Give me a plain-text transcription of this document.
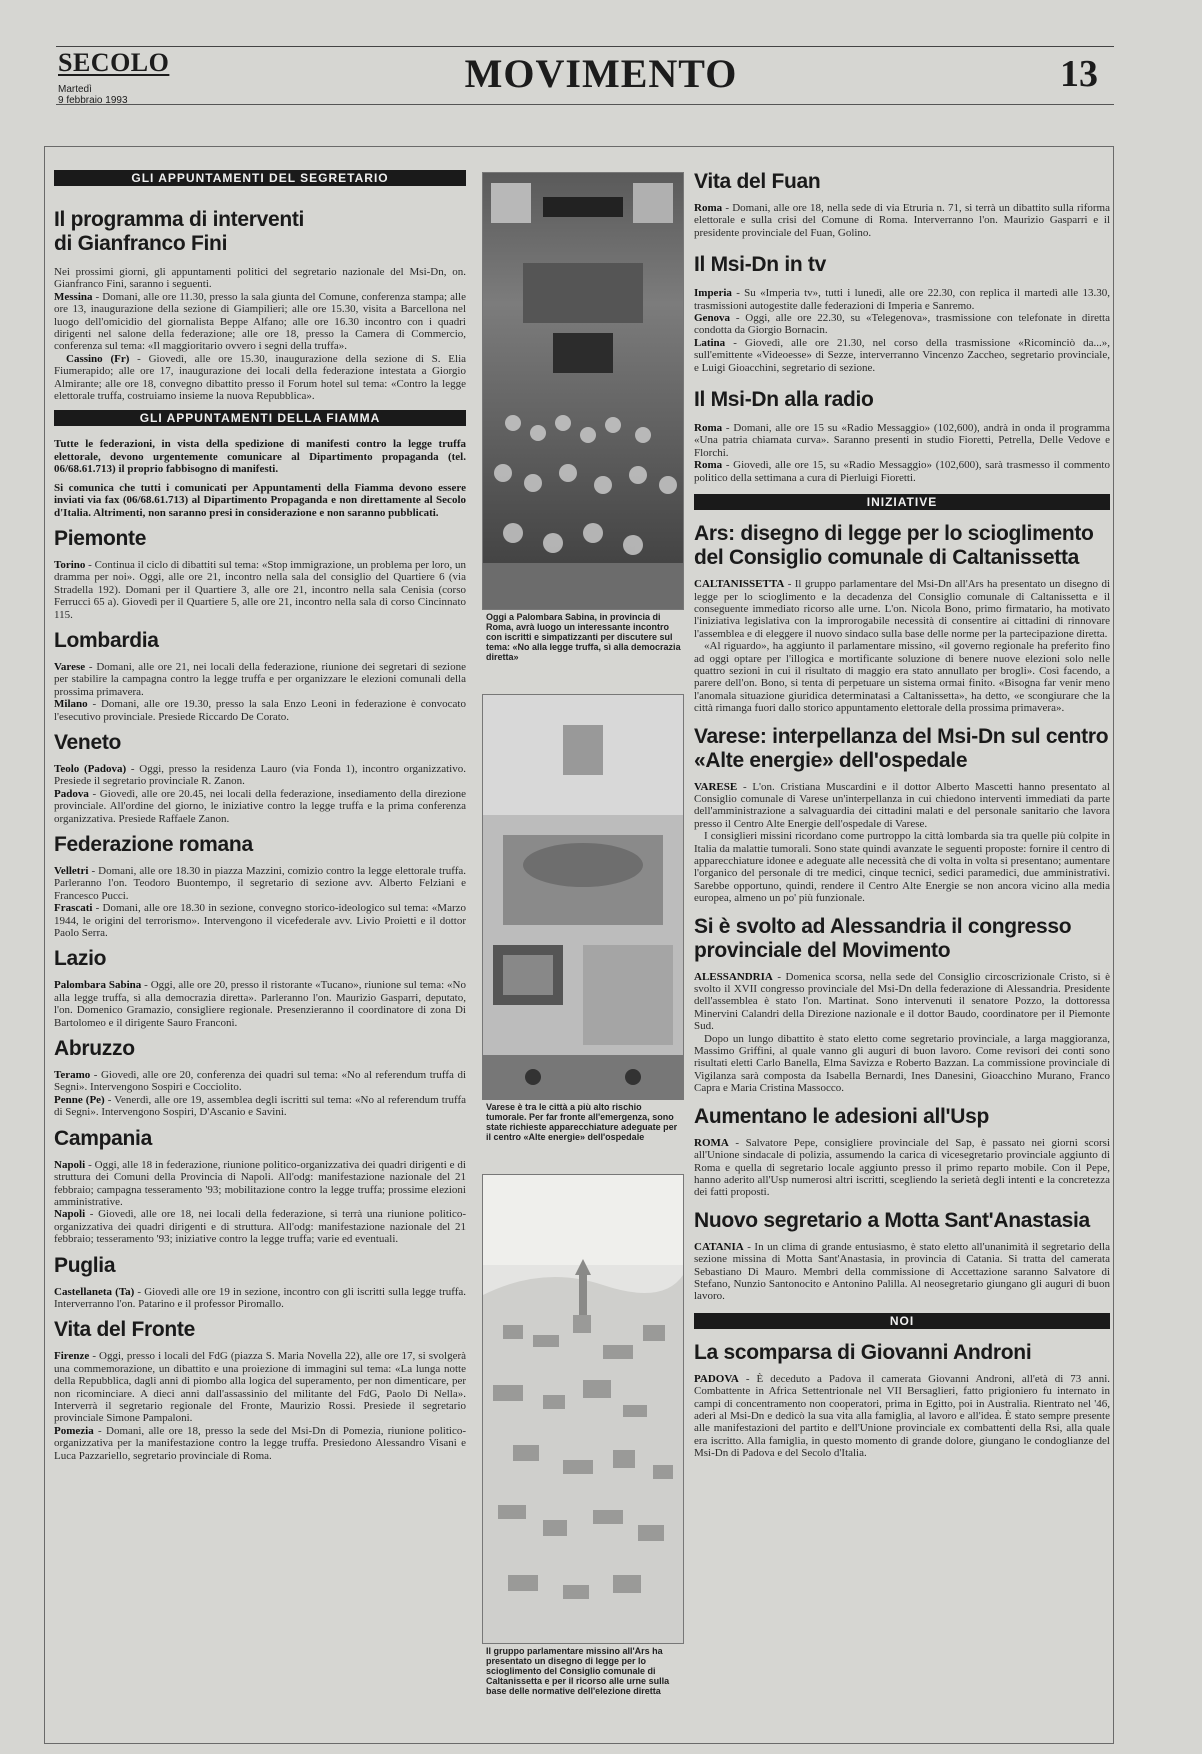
SECOLO
Martedì
9 febbraio 1993
MOVIMENTO	13
GLI APPUNTAMENTI DEL SEGRETARIO
Il programma di interventi di Gianfranco Fini

Nei prossimi giorni, gli appuntamenti politici del segretario nazionale del Msi-Dn, on. Gianfranco Fini, saranno i seguenti.

Messina - Domani, alle ore 11.30, presso la sala giunta del Comune, conferenza stampa; alle ore 13, inaugurazione della sezione di Giampilieri; alle ore 15.30, visita a Barcellona nel luogo dell'omicidio del giornalista Beppe Alfano; alle ore 16.30 incontro con i quadri dirigenti nel salone della federazione; alle ore 18, presso la Camera di Commercio, conferenza sul tema: «Il maggioritario ovvero i segni della truffa».

Cassino (Fr) - Giovedì, alle ore 15.30, inaugurazione della sezione di S. Elia Fiumerapido; alle ore 17, inaugurazione dei locali della federazione intestata a Giorgio Almirante; alle ore 18, convegno dibattito presso il Forum hotel sul tema: «Contro la legge elettorale truffa, costruiamo insieme la nuova Repubblica».

GLI APPUNTAMENTI DELLA FIAMMA

Tutte le federazioni, in vista della spedizione di manifesti contro la legge truffa elettorale, devono urgentemente comunicare al Dipartimento propaganda (tel. 06/68.61.713) il proprio fabbisogno di manifesti.

Si comunica che tutti i comunicati per Appuntamenti della Fiamma devono essere inviati via fax (06/68.61.713) al Dipartimento Propaganda e non direttamente al Secolo d'Italia. Altrimenti, non saranno presi in considerazione e non saranno pubblicati.

Piemonte

Torino - Continua il ciclo di dibattiti sul tema: «Stop immigrazione, un problema per loro, un dramma per noi». Oggi, alle ore 21, incontro nella sala del consiglio del Quartiere 6 (via Stradella 192). Domani per il Quartiere 3, alle ore 21, incontro nella sala Cenisia (corso Ferrucci 65 a). Giovedì per il Quartiere 5, alle ore 21, incontro nella sala di corso Cincinnato 115.

Lombardia

Varese - Domani, alle ore 21, nei locali della federazione, riunione dei segretari di sezione per stabilire la campagna contro la legge truffa e per organizzare le elezioni comunali della prossima primavera.

Milano - Domani, alle ore 19.30, presso la sala Enzo Leoni in federazione è convocato l'esecutivo provinciale. Presiede Riccardo De Corato.

Veneto

Teolo (Padova) - Oggi, presso la residenza Lauro (via Fonda 1), incontro organizzativo. Presiede il segretario provinciale R. Zanon.

Padova - Giovedì, alle ore 20.45, nei locali della federazione, insediamento della direzione provinciale. All'ordine del giorno, le iniziative contro la legge truffa e la prima conferenza organizzativa. Presiede Raffaele Zanon.

Federazione romana

Velletri - Domani, alle ore 18.30 in piazza Mazzini, comizio contro la legge elettorale truffa. Parleranno l'on. Teodoro Buontempo, il segretario di sezione avv. Alberto Felziani e Francesco Pucci.

Frascati - Domani, alle ore 18.30 in sezione, convegno storico-ideologico sul tema: «Marzo 1944, le origini del terrorismo». Intervengono il vicefederale avv. Livio Proietti e il dottor Paolo Serra.

Lazio

Palombara Sabina - Oggi, alle ore 20, presso il ristorante «Tucano», riunione sul tema: «No alla legge truffa, sì alla democrazia diretta». Parleranno l'on. Maurizio Gasparri, deputato, l'on. Domenico Gramazio, consigliere regionale. Presenzieranno il coordinatore di zona Di Bartolomeo e il dirigente Sauro Franconi.

Abruzzo

Teramo - Giovedì, alle ore 20, conferenza dei quadri sul tema: «No al referendum truffa di Segni». Intervengono Sospiri e Cocciolito.

Penne (Pe) - Venerdì, alle ore 19, assemblea degli iscritti sul tema: «No al referendum truffa di Segni». Intervengono Sospiri, D'Ascanio e Savini.

Campania

Napoli - Oggi, alle 18 in federazione, riunione politico-organizzativa dei quadri dirigenti e di struttura dei Comuni della Provincia di Napoli. All'odg: manifestazione nazionale del 21 febbraio; campagna tesseramento '93; mobilitazione contro la legge truffa; prossime elezioni amministrative.

Napoli - Giovedì, alle ore 18, nei locali della federazione, si terrà una riunione politico-organizzativa dei quadri dirigenti e di struttura. All'odg: manifestazione nazionale del 21 febbraio; tesseramento '93; iniziative contro la legge truffa; varie ed eventuali.

Puglia

Castellaneta (Ta) - Giovedì alle ore 19 in sezione, incontro con gli iscritti sulla legge truffa. Interverranno l'on. Patarino e il professor Piromallo.

Vita del Fronte

Firenze - Oggi, presso i locali del FdG (piazza S. Maria Novella 22), alle ore 17, si svolgerà una commemorazione, un dibattito e una proiezione di immagini sul tema: «La lunga notte della Repubblica, dagli anni di piombo alla logica del superamento, per non dimenticare, per non ricominciare. A dieci anni dall'assassinio del militante del FdG, Paolo Di Nella». Interverrà il segretario regionale del Fronte, Maurizio Rossi. Presiede il segretario provinciale Simone Pampaloni.

Pomezia - Domani, alle ore 18, presso la sede del Msi-Dn di Pomezia, riunione politico-organizzativa per la manifestazione contro la legge truffa. Presiedono Alessandro Visani e Luca Pazzariello, segretario provinciale di Roma.

Oggi a Palombara Sabina, in provincia di Roma, avrà luogo un interessante incontro con iscritti e simpatizzanti per discutere sul tema: «No alla legge truffa, sì alla democrazia diretta»
Varese è tra le città a più alto rischio tumorale. Per far fronte all'emergenza, sono state richieste apparecchiature adeguate per il centro «Alte energie» dell'ospedale
Il gruppo parlamentare missino all'Ars ha presentato un disegno di legge per lo scioglimento del Consiglio comunale di Caltanissetta e per il ricorso alle urne sulla base delle normative dell'elezione diretta
Vita del Fuan

Roma - Domani, alle ore 18, nella sede di via Etruria n. 71, si terrà un dibattito sulla riforma elettorale e sulla crisi del Comune di Roma. Interverranno l'on. Maurizio Gasparri e il presidente provinciale del Fuan, Golino.

Il Msi-Dn in tv

Imperia - Su «Imperia tv», tutti i lunedì, alle ore 22.30, con replica il martedì alle 13.30, trasmissioni autogestite dalle federazioni di Imperia e Sanremo.

Genova - Oggi, alle ore 22.30, su «Telegenova», trasmissione con telefonate in diretta condotta da Giorgio Bornacin.

Latina - Giovedì, alle ore 21.30, nel corso della trasmissione «Ricominciò da...», sull'emittente «Videoesse» di Sezze, interverranno Vincenzo Zaccheo, segretario provinciale, e Luigi Gioacchini, segretario di sezione.

Il Msi-Dn alla radio

Roma - Domani, alle ore 15 su «Radio Messaggio» (102,600), andrà in onda il programma «Una patria chiamata curva». Saranno presenti in studio Fioretti, Petrella, Delle Vedove e Florchi.

Roma - Giovedì, alle ore 15, su «Radio Messaggio» (102,600), sarà trasmesso il commento politico della settimana a cura di Pierluigi Fioretti.

INIZIATIVE
Ars: disegno di legge per lo scioglimento del Consiglio comunale di Caltanissetta

CALTANISSETTA - Il gruppo parlamentare del Msi-Dn all'Ars ha presentato un disegno di legge per lo scioglimento e la decadenza del Consiglio comunale di Caltanissetta e il conseguente immediato ricorso alle urne. L'on. Nicola Bono, primo firmatario, ha motivato l'iniziativa legislativa con la improrogabile necessità di consentire ai cittadini di rinnovare l'assemblea e di eleggere il nuovo sindaco sulla base delle norme per la partecipazione diretta.

«Al riguardo», ha aggiunto il parlamentare missino, «il governo regionale ha preferito fino ad oggi optare per l'illogica e mortificante soluzione di benere nuove elezioni solo nelle quattro sezioni in cui il risultato di maggio era stato annullato per brogli». Così facendo, a parere dell'on. Bono, si tenta di perpetuare un sistema ormai finito. «Bisogna far venir meno l'anomala situazione giuridica determinatasi a Caltanissetta», ha detto, «e scongiurare che la città rimanga fuori dallo storico appuntamento elettorale della prossima primavera».

Varese: interpellanza del Msi-Dn sul centro «Alte energie» dell'ospedale

VARESE - L'on. Cristiana Muscardini e il dottor Alberto Mascetti hanno presentato al Consiglio comunale di Varese un'interpellanza in cui chiedono interventi immediati da parte dell'amministrazione a salvaguardia dei cittadini malati e del personale sanitario che lavora presso il Centro Alte Energie dell'ospedale di Varese.

I consiglieri missini ricordano come purtroppo la città lombarda sia tra quelle più colpite in Italia da malattie tumorali. Sono state quindi avanzate le seguenti proposte: fornire il centro di apparecchiature idonee e adeguate alle necessità che di volta in volta si presentano; aumentare l'organico del personale di tre medici, cinque tecnici, sedici paramedici, due amministrativi. Sarebbe opportuno, quindi, rendere il Centro Alte Energie se non ancora vicino alla media europea, almeno un po' più funzionale.

Si è svolto ad Alessandria il congresso provinciale del Movimento

ALESSANDRIA - Domenica scorsa, nella sede del Consiglio circoscrizionale Cristo, si è svolto il XVII congresso provinciale del Msi-Dn della federazione di Alessandria. Presidente dell'assemblea è stato l'on. Martinat. Sono intervenuti il senatore Pozzo, la dottoressa Minervini Calandri della Direzione nazionale e il dottor Baudo, coordinatore per il Piemonte Sud.

Dopo un lungo dibattito è stato eletto come segretario provinciale, a larga maggioranza, Massimo Griffini, al quale vanno gli auguri di buon lavoro. Come revisori dei conti sono risultati eletti Carlo Banella, Elma Savizza e Roberto Bazzan. La commissione provinciale di Vigilanza sarà composta da Isabella Bernardi, Ines Danesini, Gioacchino Murano, Franco Capra e Maria Cristina Massocco.

Aumentano le adesioni all'Usp

ROMA - Salvatore Pepe, consigliere provinciale del Sap, è passato nei giorni scorsi all'Unione sindacale di polizia, assumendo la carica di vicesegretario provinciale aggiunto di Roma e quella di segretario locale aggiunto presso il primo reparto mobile. Con il Pepe, hanno aderito all'Usp numerosi altri iscritti, scegliendo la serietà degli intenti e la concretezza dei fatti proposti.

Nuovo segretario a Motta Sant'Anastasia

CATANIA - In un clima di grande entusiasmo, è stato eletto all'unanimità il segretario della sezione missina di Motta Sant'Anastasia, in provincia di Catania. Si tratta del camerata Sebastiano Di Mauro. Membri della commissione di Accettazione saranno Salvatore di Stefano, Nunzio Santonocito e Antonino Palilla. Al neosegretario giungano gli auguri di buon lavoro.

NOI
La scomparsa di Giovanni Androni

PADOVA - È deceduto a Padova il camerata Giovanni Androni, all'età di 73 anni. Combattente in Africa Settentrionale nel VII Bersaglieri, fatto prigioniero fu internato in campi di concentramento non cooperatori, prima in Egitto, poi in Australia. Rientrato nel '46, aderì al Msi-Dn e dedicò la sua vita alla famiglia, al lavoro e all'idea. È stato sempre presente alle manifestazioni del partito e dell'Unione provinciale ex combattenti della Rsi, alla quale era iscritto. Alla famiglia, in questo momento di grande dolore, giungano le condoglianze del Msi-Dn di Padova e del Secolo d'Italia.
